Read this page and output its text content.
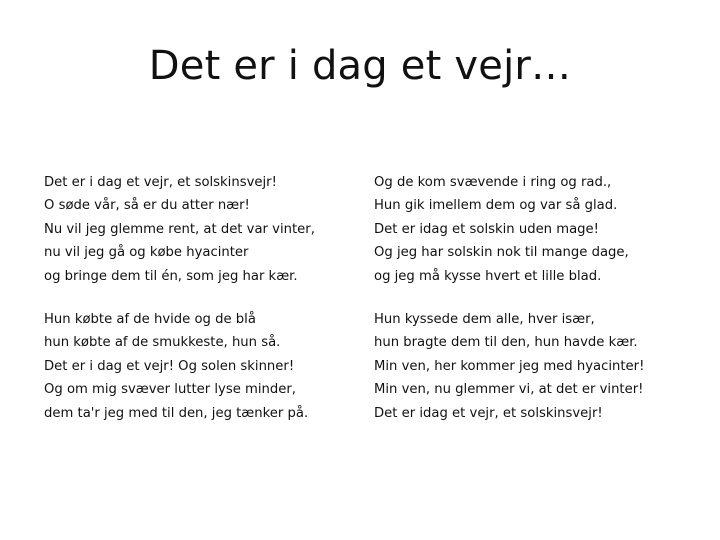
Det er i dag et vejr…
Det er i dag et vejr, et solskinsvejr!
O søde vår, så er du atter nær!
Nu vil jeg glemme rent, at det var vinter,
nu vil jeg gå og købe hyacinter
og bringe dem til én, som jeg har kær.
Hun købte af de hvide og de blå
hun købte af de smukkeste, hun så.
Det er i dag et vejr! Og solen skinner!
Og om mig svæver lutter lyse minder,
dem ta'r jeg med til den, jeg tænker på.
Og de kom svævende i ring og rad.,
Hun gik imellem dem og var så glad.
Det er idag et solskin uden mage!
Og jeg har solskin nok til mange dage,
og jeg må kysse hvert et lille blad.
Hun kyssede dem alle, hver især,
hun bragte dem til den, hun havde kær.
Min ven, her kommer jeg med hyacinter!
Min ven, nu glemmer vi, at det er vinter!
Det er idag et vejr, et solskinsvejr!
